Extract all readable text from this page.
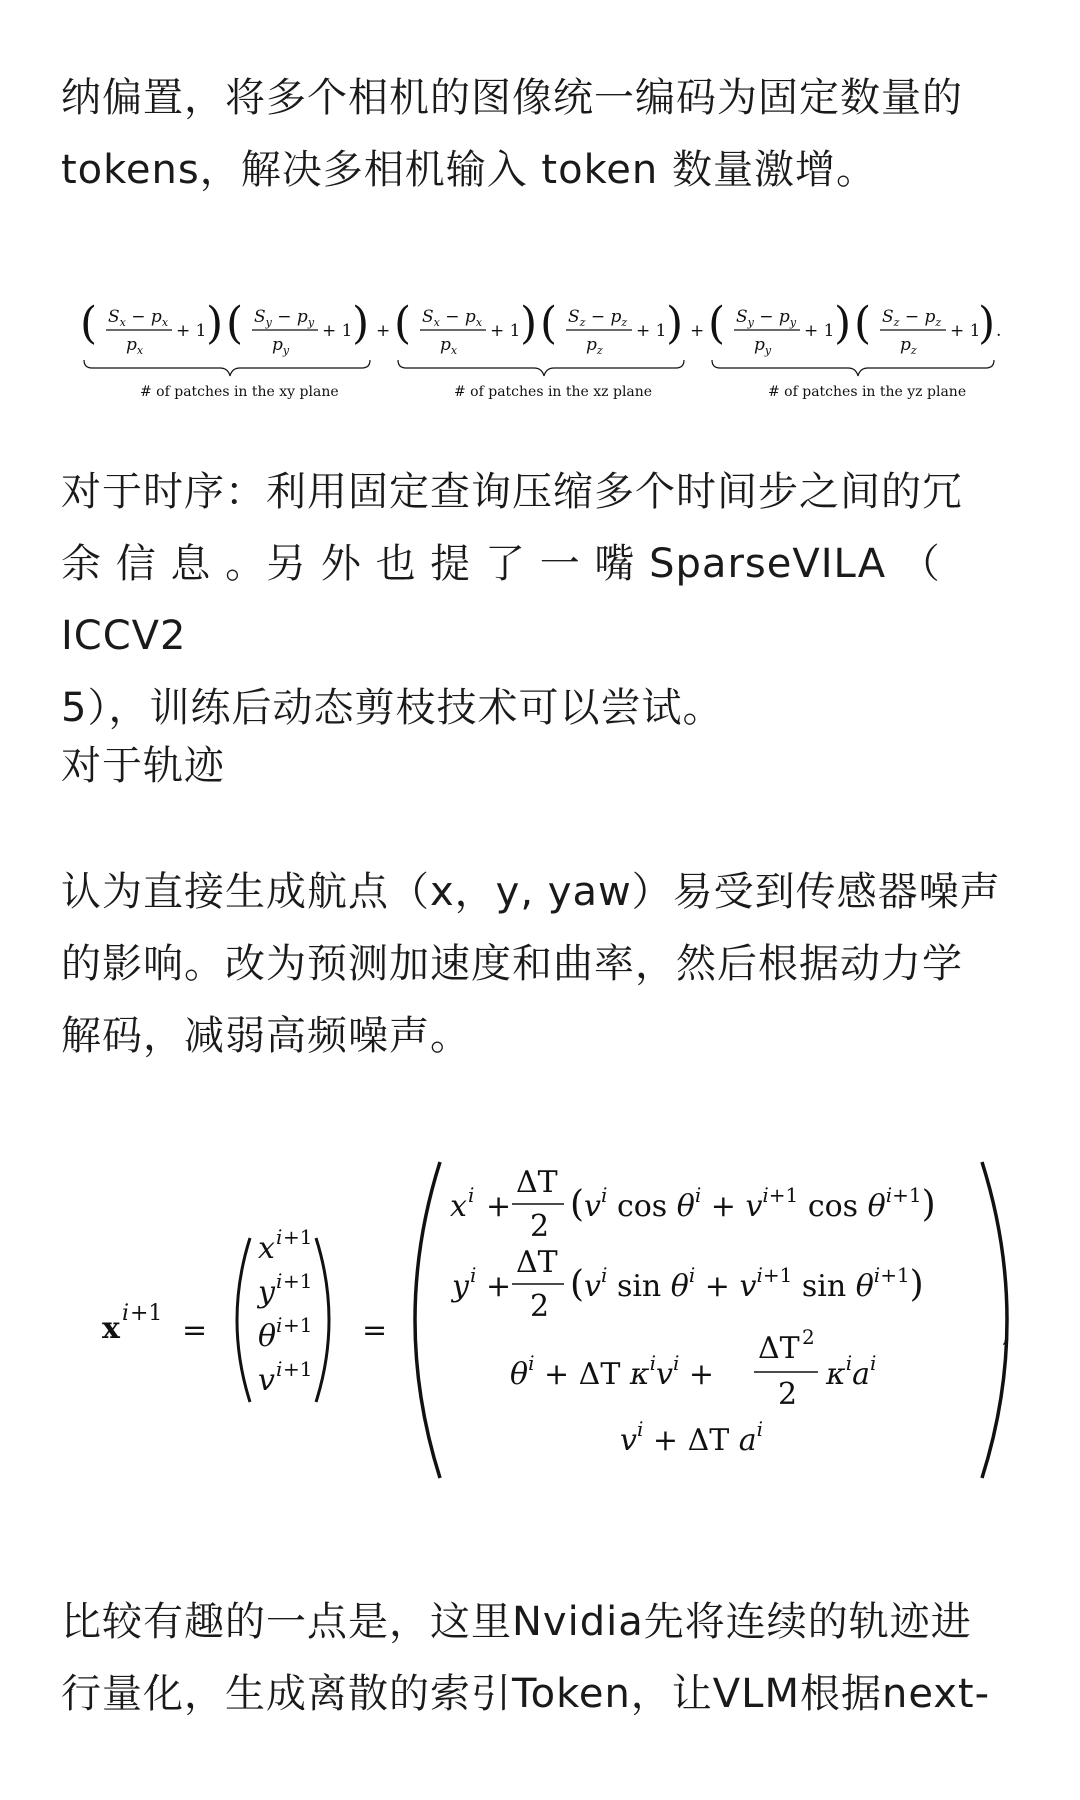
纳偏置，将多个相机的图像统一编码为固定数量的
tokens，解决多相机输入 token 数量激增。

( $S_x - p_x$
$p_x$
+ 1 ) ( $S_y - p_y$
$p_y$
+ 1 )
# of patches in the xy plane
+ ( $S_x - p_x$
$p_x$
+ 1 ) ( $S_z - p_z$
$p_z$
+ 1 )
# of patches in the xz plane
+ ( $S_y - p_y$
$p_y$
+ 1 ) ( $S_z - p_z$
$p_z$
+ 1
) .
# of patches in the yz plane

对于时序：利用固定查询压缩多个时间步之间的冗
余 信 息 。另 外 也 提 了 一 嘴 SparseVILA （ ICCV2
5），训练后动态剪枝技术可以尝试。

对于轨迹

认为直接生成航点（x，y, yaw）易受到传感器噪声
的影响。改为预测加速度和曲率，然后根据动力学
解码，减弱高频噪声。

x i +1 =
x i +1
y i +1
θ i +1
v i +1
=
x i +
ΔT
2
($v^i$ $\cos \theta^i + v^{i+1}$ $\cos \theta^{i+1}$)
y i +
ΔT
2
($v^i$ $\sin \theta^i + v^{i+1}$ $\sin \theta^{i+1}$)
$\theta^i + \Delta T$ $\kappa^iv^i$ +
ΔT 2
2
$\kappa^ia^i$
$v^i + \Delta T$ $a^i$
,

比较有趣的一点是，这里Nvidia先将连续的轨迹进
行量化，生成离散的索引Token，让VLM根据next-
